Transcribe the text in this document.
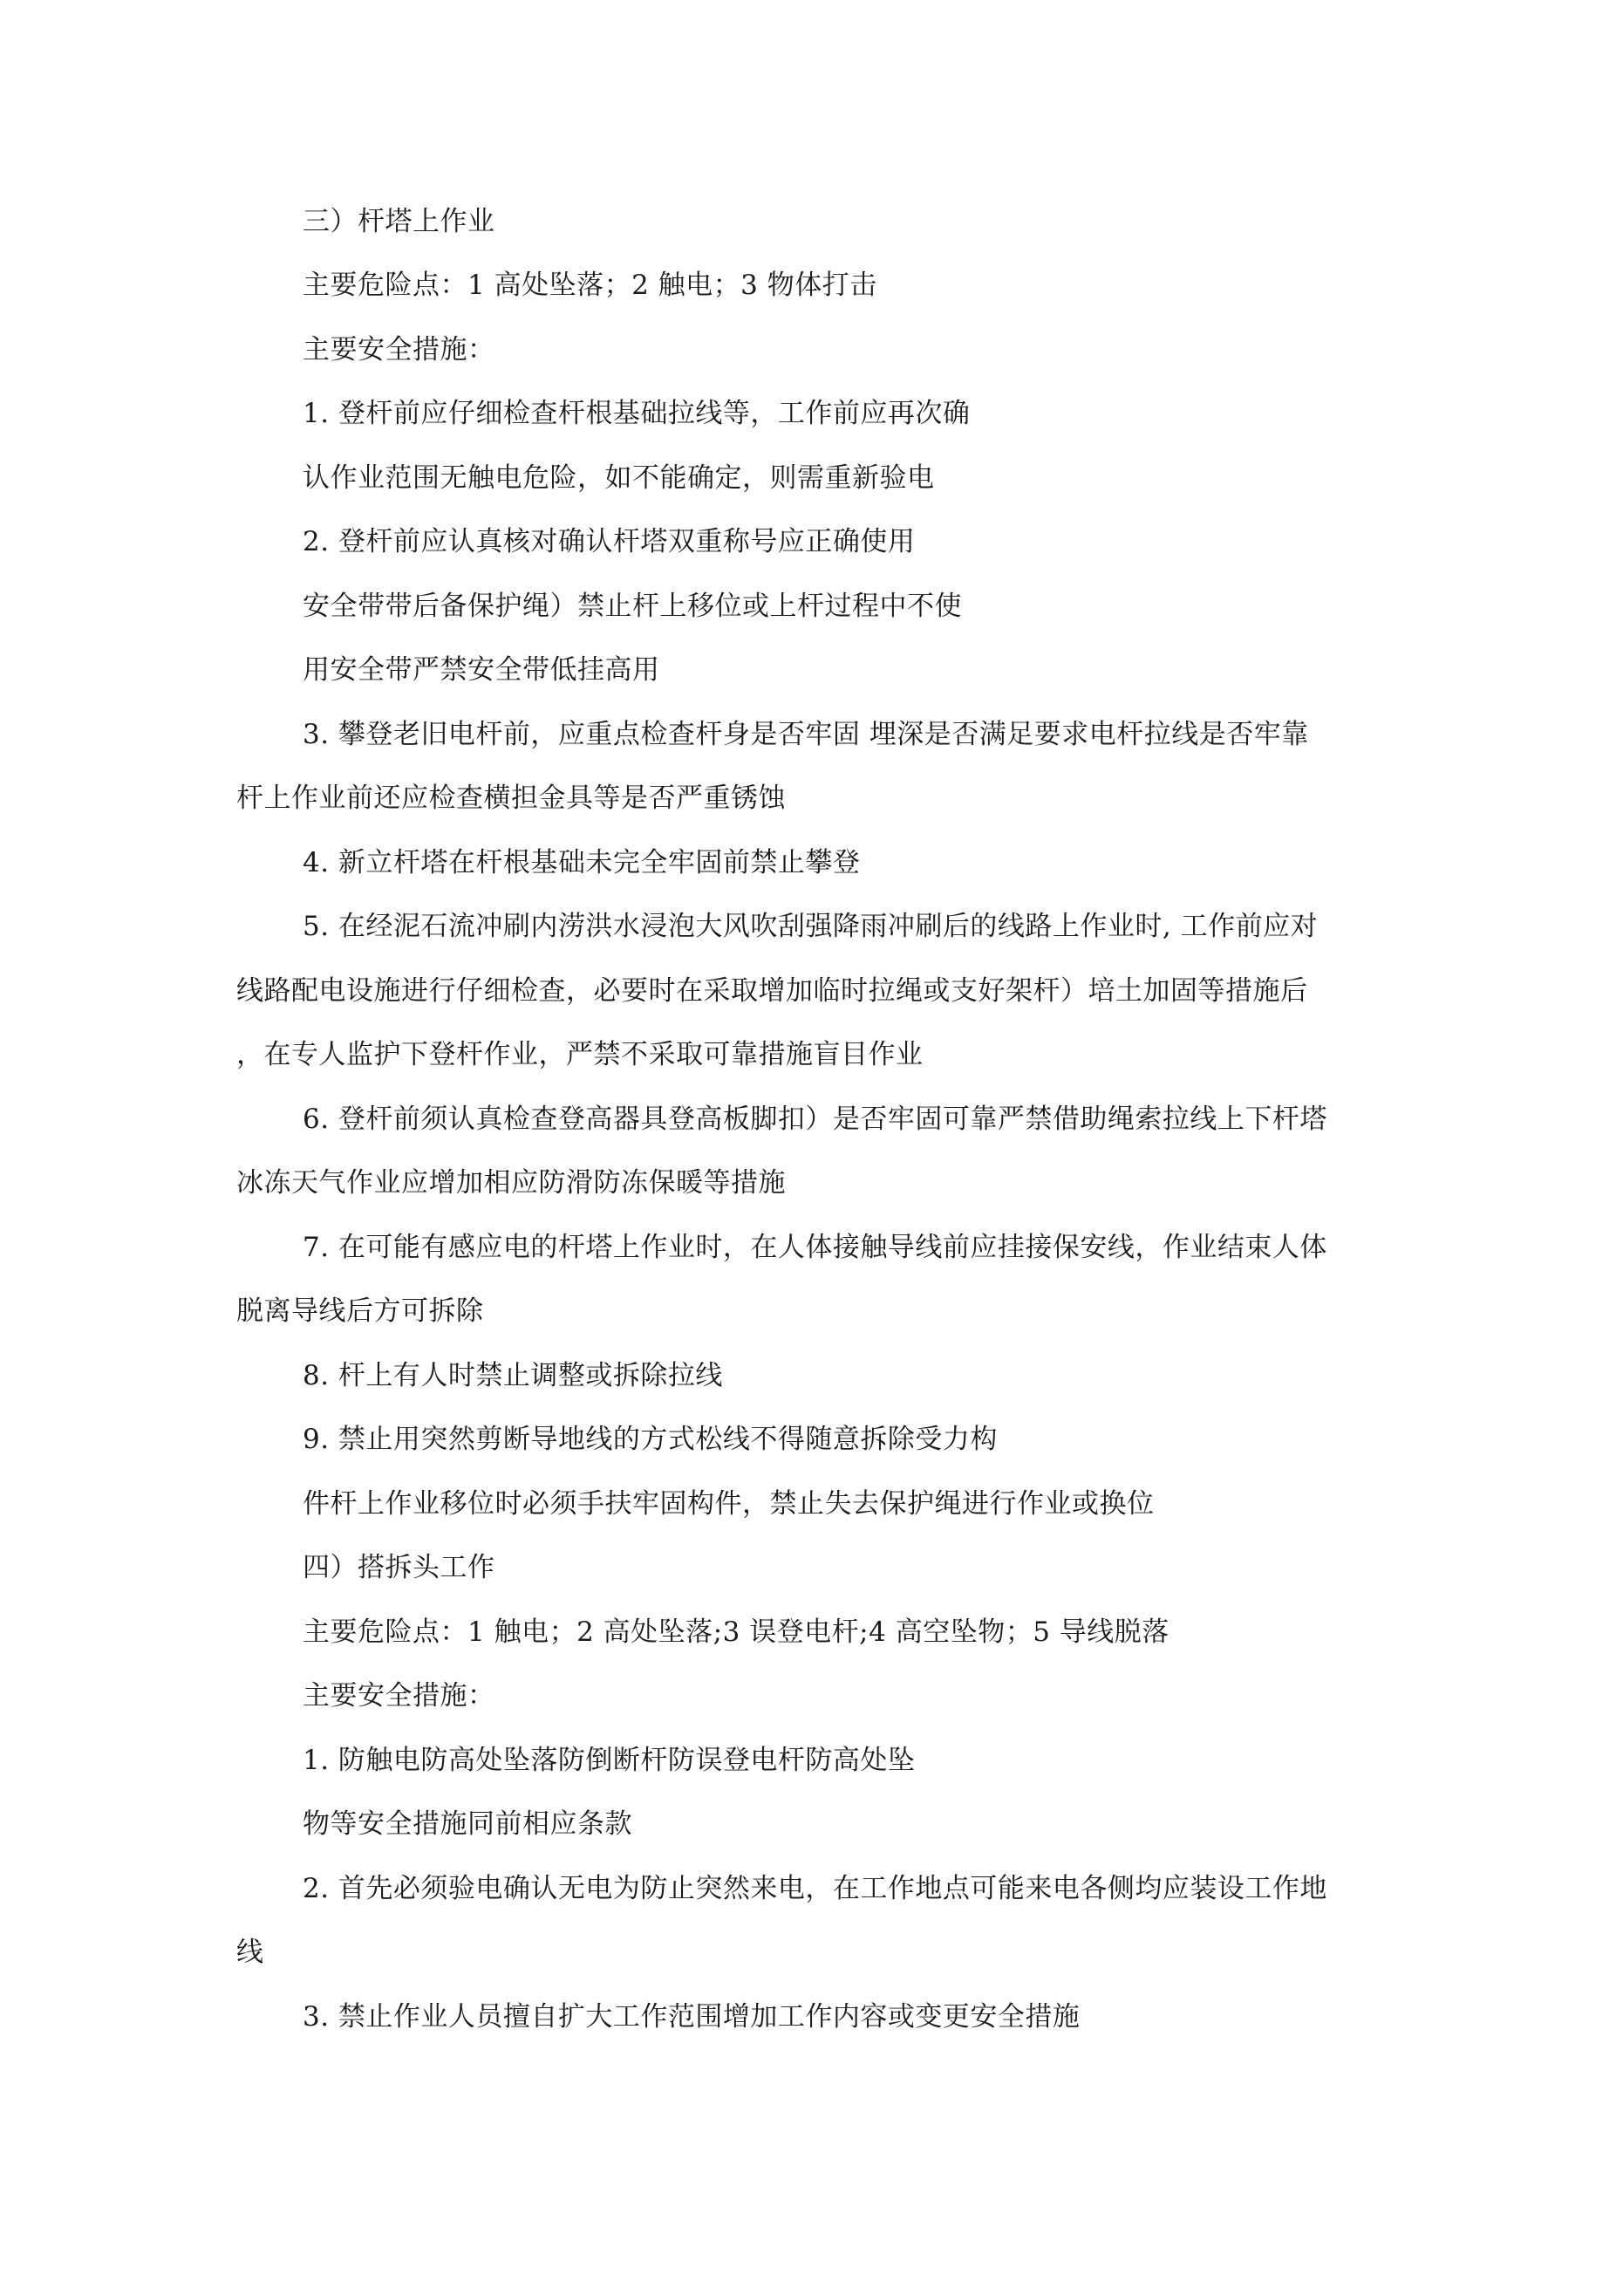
三）杆塔上作业
主要危险点：1 高处坠落；2 触电；3 物体打击
主要安全措施：
1. 登杆前应仔细检查杆根基础拉线等，工作前应再次确
认作业范围无触电危险，如不能确定，则需重新验电
2. 登杆前应认真核对确认杆塔双重称号应正确使用
安全带带后备保护绳）禁止杆上移位或上杆过程中不使
用安全带严禁安全带低挂高用
3. 攀登老旧电杆前，应重点检查杆身是否牢固 埋深是否满足要求电杆拉线是否牢靠
杆上作业前还应检查横担金具等是否严重锈蚀
4. 新立杆塔在杆根基础未完全牢固前禁止攀登
5. 在经泥石流冲刷内涝洪水浸泡大风吹刮强降雨冲刷后的线路上作业时, 工作前应对
线路配电设施进行仔细检查，必要时在采取增加临时拉绳或支好架杆）培土加固等措施后
，在专人监护下登杆作业，严禁不采取可靠措施盲目作业
6. 登杆前须认真检查登高器具登高板脚扣）是否牢固可靠严禁借助绳索拉线上下杆塔
冰冻天气作业应增加相应防滑防冻保暖等措施
7. 在可能有感应电的杆塔上作业时，在人体接触导线前应挂接保安线，作业结束人体
脱离导线后方可拆除
8. 杆上有人时禁止调整或拆除拉线
9. 禁止用突然剪断导地线的方式松线不得随意拆除受力构
件杆上作业移位时必须手扶牢固构件，禁止失去保护绳进行作业或换位
四）搭拆头工作
主要危险点：1 触电；2 高处坠落;3 误登电杆;4 高空坠物；5 导线脱落
主要安全措施：
1. 防触电防高处坠落防倒断杆防误登电杆防高处坠
物等安全措施同前相应条款
2. 首先必须验电确认无电为防止突然来电，在工作地点可能来电各侧均应装设工作地
线
3. 禁止作业人员擅自扩大工作范围增加工作内容或变更安全措施
